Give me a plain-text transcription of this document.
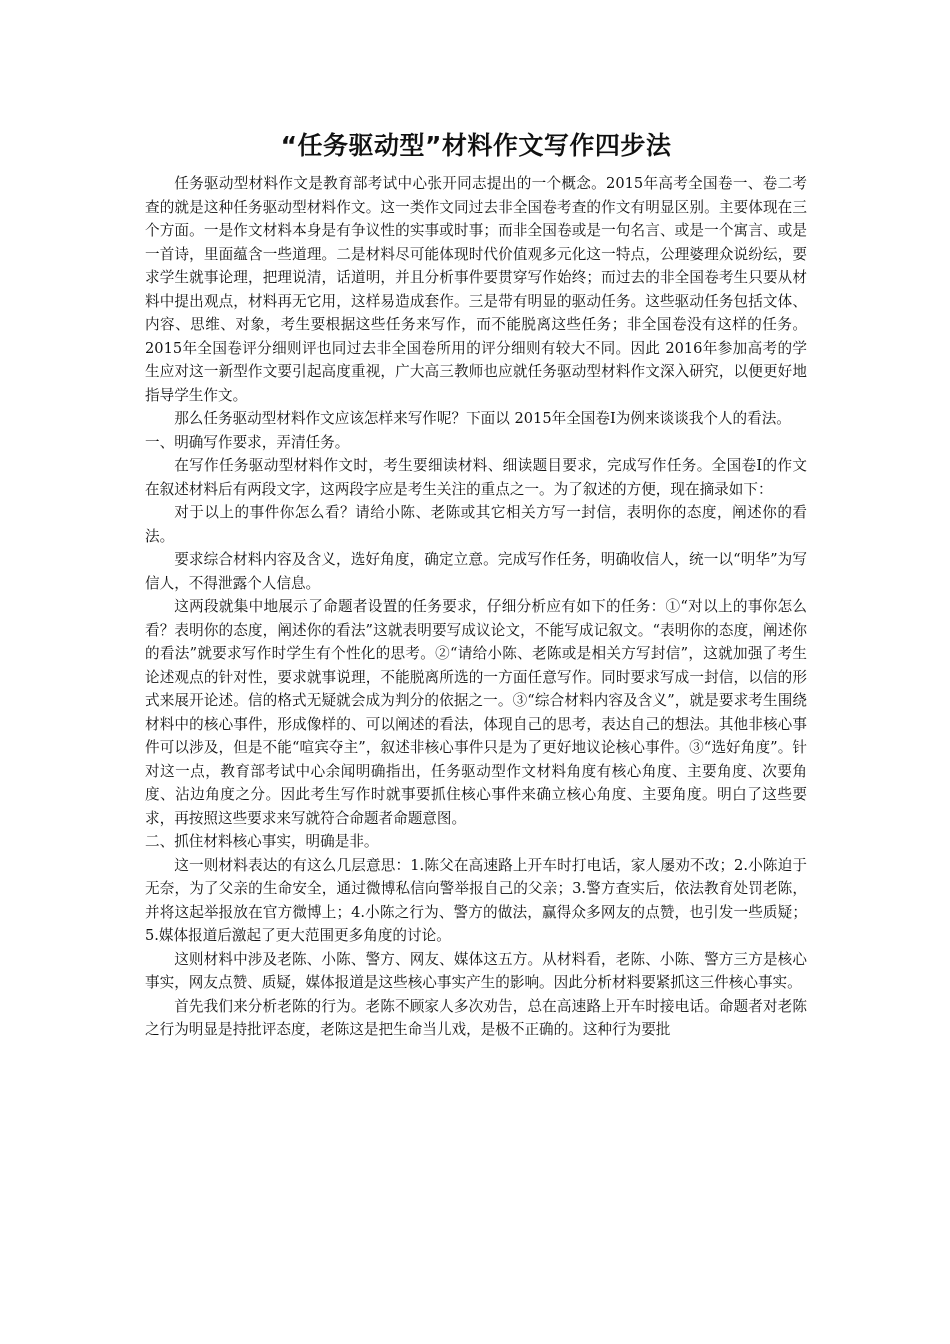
“任务驱动型”材料作文写作四步法

任务驱动型材料作文是教育部考试中心张开同志提出的一个概念。2015年高考全国卷一、卷二考查的就是这种任务驱动型材料作文。这一类作文同过去非全国卷考查的作文有明显区别。主要体现在三个方面。一是作文材料本身是有争议性的实事或时事；而非全国卷或是一句名言、或是一个寓言、或是一首诗，里面蕴含一些道理。二是材料尽可能体现时代价值观多元化这一特点，公理婆理众说纷纭，要求学生就事论理，把理说清，话道明，并且分析事件要贯穿写作始终；而过去的非全国卷考生只要从材料中提出观点，材料再无它用，这样易造成套作。三是带有明显的驱动任务。这些驱动任务包括文体、内容、思维、对象，考生要根据这些任务来写作，而不能脱离这些任务；非全国卷没有这样的任务。2015年全国卷评分细则评也同过去非全国卷所用的评分细则有较大不同。因此 2016年参加高考的学生应对这一新型作文要引起高度重视，广大高三教师也应就任务驱动型材料作文深入研究，以便更好地指导学生作文。

那么任务驱动型材料作文应该怎样来写作呢？下面以 2015年全国卷Ⅰ为例来谈谈我个人的看法。

一、明确写作要求，弄清任务。

在写作任务驱动型材料作文时，考生要细读材料、细读题目要求，完成写作任务。全国卷Ⅰ的作文在叙述材料后有两段文字，这两段字应是考生关注的重点之一。为了叙述的方便，现在摘录如下：

对于以上的事件你怎么看？请给小陈、老陈或其它相关方写一封信，表明你的态度，阐述你的看法。

要求综合材料内容及含义，选好角度，确定立意。完成写作任务，明确收信人，统一以“明华”为写信人，不得泄露个人信息。

这两段就集中地展示了命题者设置的任务要求，仔细分析应有如下的任务：①“对以上的事你怎么看？表明你的态度，阐述你的看法”这就表明要写成议论文，不能写成记叙文。“表明你的态度，阐述你的看法”就要求写作时学生有个性化的思考。②“请给小陈、老陈或是相关方写封信”，这就加强了考生论述观点的针对性，要求就事说理，不能脱离所选的一方面任意写作。同时要求写成一封信，以信的形式来展开论述。信的格式无疑就会成为判分的依据之一。③“综合材料内容及含义”，就是要求考生围绕材料中的核心事件，形成像样的、可以阐述的看法，体现自己的思考，表达自己的想法。其他非核心事件可以涉及，但是不能“喧宾夺主”，叙述非核心事件只是为了更好地议论核心事件。③“选好角度”。针对这一点，教育部考试中心余闻明确指出，任务驱动型作文材料角度有核心角度、主要角度、次要角度、沾边角度之分。因此考生写作时就事要抓住核心事件来确立核心角度、主要角度。明白了这些要求，再按照这些要求来写就符合命题者命题意图。

二、抓住材料核心事实，明确是非。

这一则材料表达的有这么几层意思：1.陈父在高速路上开车时打电话，家人屡劝不改；2.小陈迫于无奈，为了父亲的生命安全，通过微博私信向警举报自己的父亲；3.警方查实后，依法教育处罚老陈，并将这起举报放在官方微博上；4.小陈之行为、警方的做法，赢得众多网友的点赞，也引发一些质疑； 5.媒体报道后激起了更大范围更多角度的讨论。

这则材料中涉及老陈、小陈、警方、网友、媒体这五方。从材料看，老陈、小陈、警方三方是核心事实，网友点赞、质疑，媒体报道是这些核心事实产生的影响。因此分析材料要紧抓这三件核心事实。

首先我们来分析老陈的行为。老陈不顾家人多次劝告，总在高速路上开车时接电话。命题者对老陈之行为明显是持批评态度，老陈这是把生命当儿戏，是极不正确的。这种行为要批
